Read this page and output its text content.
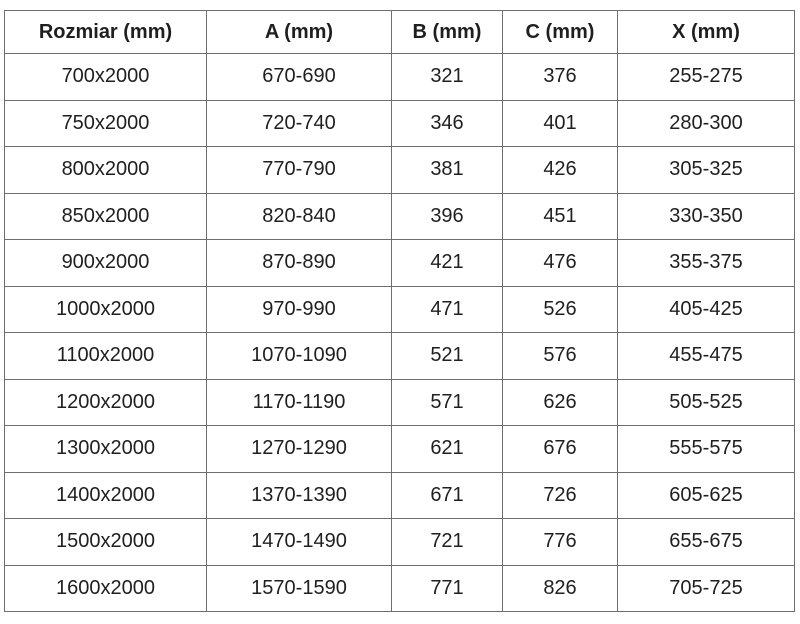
Rozmiar (mm)	A (mm)	B (mm)	C (mm)	X (mm)
700x2000	670-690	321	376	255-275
750x2000	720-740	346	401	280-300
800x2000	770-790	381	426	305-325
850x2000	820-840	396	451	330-350
900x2000	870-890	421	476	355-375
1000x2000	970-990	471	526	405-425
1100x2000	1070-1090	521	576	455-475
1200x2000	1170-1190	571	626	505-525
1300x2000	1270-1290	621	676	555-575
1400x2000	1370-1390	671	726	605-625
1500x2000	1470-1490	721	776	655-675
1600x2000	1570-1590	771	826	705-725
